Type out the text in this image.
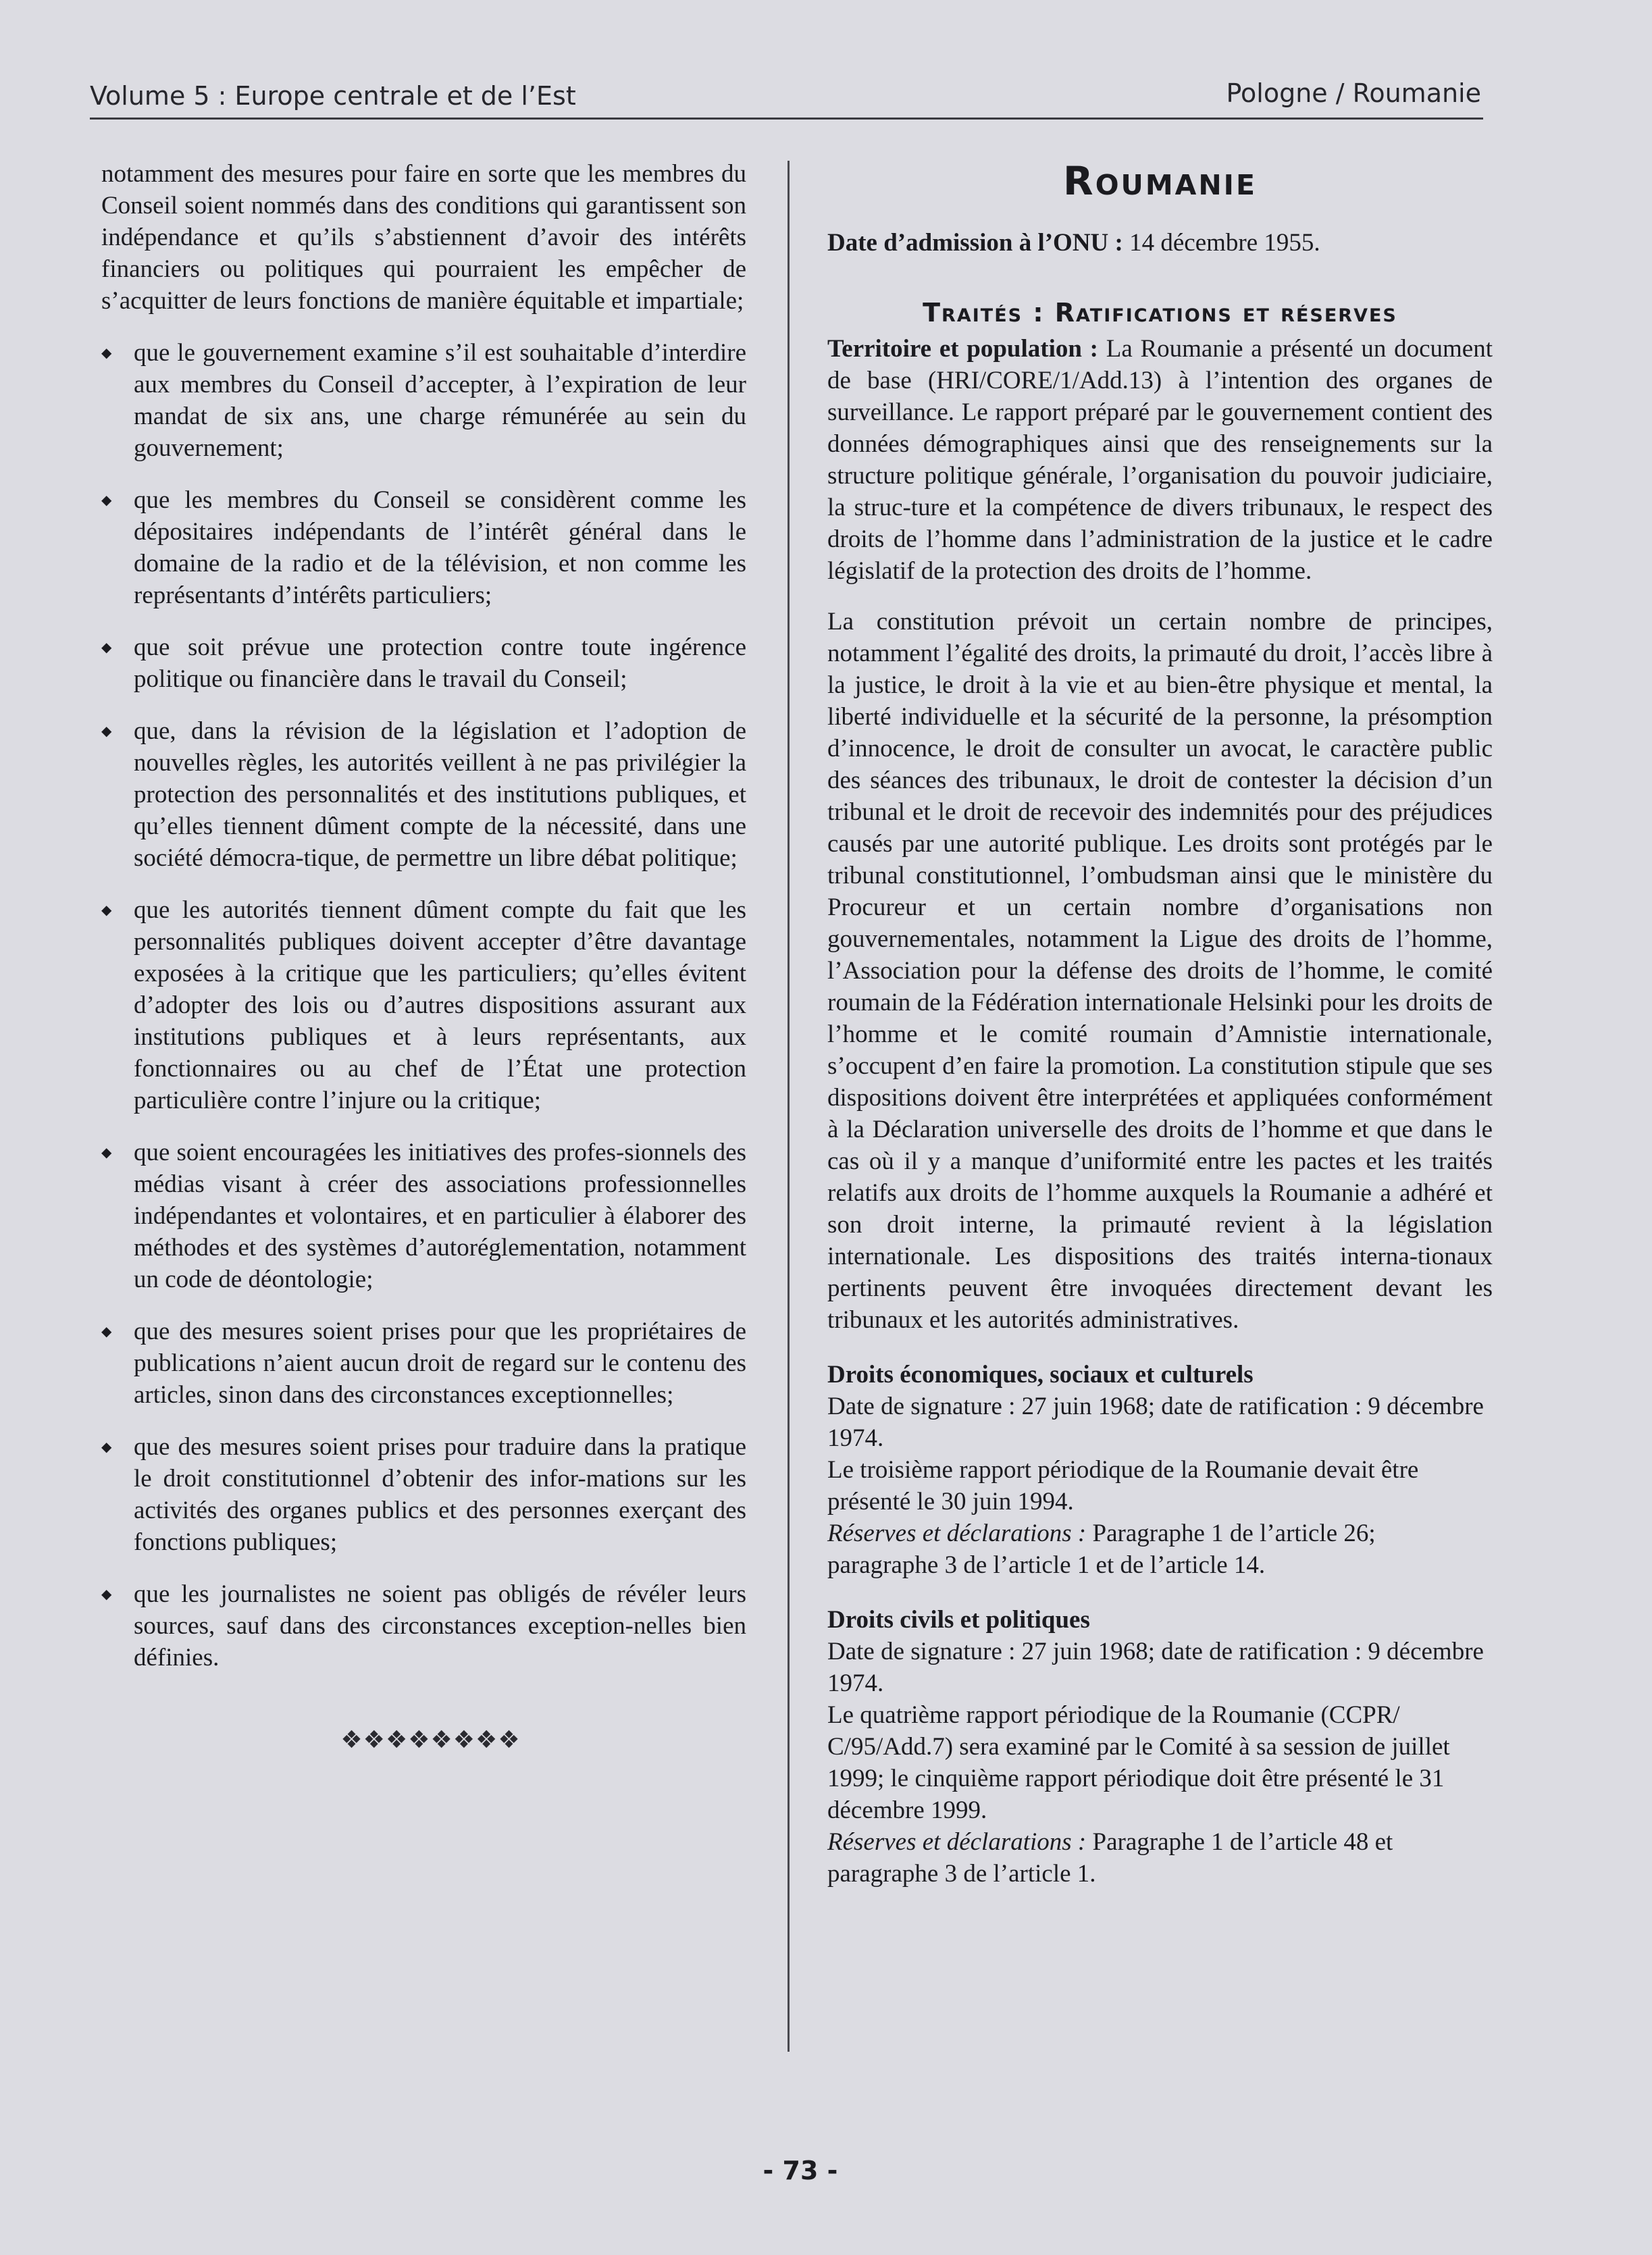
Volume 5 : Europe centrale et de l’Est	Pologne / Roumanie

notamment des mesures pour faire en sorte que les membres du Conseil soient nommés dans des conditions qui garantissent son indépendance et qu’ils s’abstiennent d’avoir des intérêts financiers ou politiques qui pourraient les empêcher de s’acquitter de leurs fonctions de manière équitable et impartiale;

◆ que le gouvernement examine s’il est souhaitable d’interdire aux membres du Conseil d’accepter, à l’expiration de leur mandat de six ans, une charge rémunérée au sein du gouvernement;
◆ que les membres du Conseil se considèrent comme les dépositaires indépendants de l’intérêt général dans le domaine de la radio et de la télévision, et non comme les représentants d’intérêts particuliers;
◆ que soit prévue une protection contre toute ingérence politique ou financière dans le travail du Conseil;
◆ que, dans la révision de la législation et l’adoption de nouvelles règles, les autorités veillent à ne pas privilégier la protection des personnalités et des institutions publiques, et qu’elles tiennent dûment compte de la nécessité, dans une société démocra-tique, de permettre un libre débat politique;
◆ que les autorités tiennent dûment compte du fait que les personnalités publiques doivent accepter d’être davantage exposées à la critique que les particuliers; qu’elles évitent d’adopter des lois ou d’autres dispositions assurant aux institutions publiques et à leurs représentants, aux fonctionnaires ou au chef de l’État une protection particulière contre l’injure ou la critique;
◆ que soient encouragées les initiatives des profes-sionnels des médias visant à créer des associations professionnelles indépendantes et volontaires, et en particulier à élaborer des méthodes et des systèmes d’autoréglementation, notamment un code de déontologie;
◆ que des mesures soient prises pour que les propriétaires de publications n’aient aucun droit de regard sur le contenu des articles, sinon dans des circonstances exceptionnelles;
◆ que des mesures soient prises pour traduire dans la pratique le droit constitutionnel d’obtenir des infor-mations sur les activités des organes publics et des personnes exerçant des fonctions publiques;
◆ que les journalistes ne soient pas obligés de révéler leurs sources, sauf dans des circonstances exception-nelles bien définies.
❖❖❖❖❖❖❖❖
Roumanie

Date d’admission à l’ONU : 14 décembre 1955.

Traités : Ratifications et réserves

Territoire et population : La Roumanie a présenté un document de base (HRI/CORE/1/Add.13) à l’intention des organes de surveillance. Le rapport préparé par le gouvernement contient des données démographiques ainsi que des renseignements sur la structure politique générale, l’organisation du pouvoir judiciaire, la struc-ture et la compétence de divers tribunaux, le respect des droits de l’homme dans l’administration de la justice et le cadre législatif de la protection des droits de l’homme.

La constitution prévoit un certain nombre de principes, notamment l’égalité des droits, la primauté du droit, l’accès libre à la justice, le droit à la vie et au bien-être physique et mental, la liberté individuelle et la sécurité de la personne, la présomption d’innocence, le droit de consulter un avocat, le caractère public des séances des tribunaux, le droit de contester la décision d’un tribunal et le droit de recevoir des indemnités pour des préjudices causés par une autorité publique. Les droits sont protégés par le tribunal constitutionnel, l’ombudsman ainsi que le ministère du Procureur et un certain nombre d’organisations non gouvernementales, notamment la Ligue des droits de l’homme, l’Association pour la défense des droits de l’homme, le comité roumain de la Fédération internationale Helsinki pour les droits de l’homme et le comité roumain d’Amnistie internationale, s’occupent d’en faire la promotion. La constitution stipule que ses dispositions doivent être interprétées et appliquées conformément à la Déclaration universelle des droits de l’homme et que dans le cas où il y a manque d’uniformité entre les pactes et les traités relatifs aux droits de l’homme auxquels la Roumanie a adhéré et son droit interne, la primauté revient à la législation internationale. Les dispositions des traités interna-tionaux pertinents peuvent être invoquées directement devant les tribunaux et les autorités administratives.

Droits économiques, sociaux et culturels

Date de signature : 27 juin 1968; date de ratification : 9 décembre 1974.

Le troisième rapport périodique de la Roumanie devait être présenté le 30 juin 1994.

Réserves et déclarations : Paragraphe 1 de l’article 26; paragraphe 3 de l’article 1 et de l’article 14.

Droits civils et politiques

Date de signature : 27 juin 1968; date de ratification : 9 décembre 1974.

Le quatrième rapport périodique de la Roumanie (CCPR/ C/95/Add.7) sera examiné par le Comité à sa session de juillet 1999; le cinquième rapport périodique doit être présenté le 31 décembre 1999.

Réserves et déclarations : Paragraphe 1 de l’article 48 et paragraphe 3 de l’article 1.

- 73 -
